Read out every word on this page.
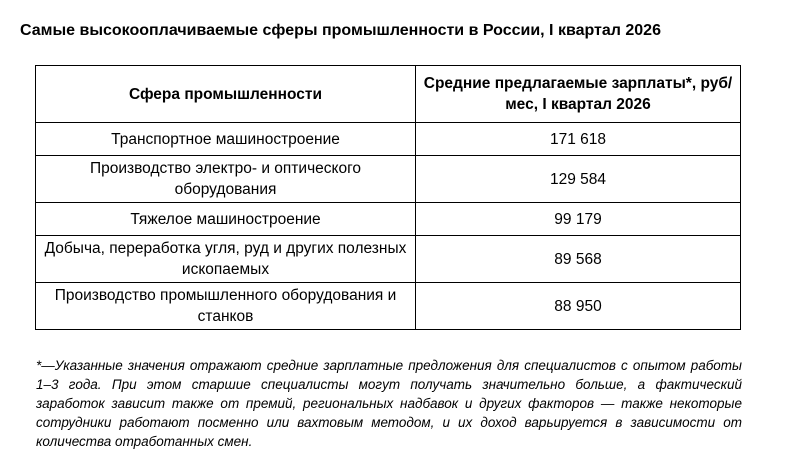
Самые высокооплачиваемые сферы промышленности в России, I квартал 2026
Сфера промышленности	Средние предлагаемые зарплаты*, руб/мес, I квартал 2026
Транспортное машиностроение	171 618
Производство электро- и оптического оборудования	129 584
Тяжелое машиностроение	99 179
Добыча, переработка угля, руд и других полезных ископаемых	89 568
Производство промышленного оборудования и станков	88 950
*—Указанные значения отражают средние зарплатные предложения для специалистов с опытом работы 1–3 года. При этом старшие специалисты могут получать значительно больше, а фактический заработок зависит также от премий, региональных надбавок и других факторов — также некоторые сотрудники работают посменно или вахтовым методом, и их доход варьируется в зависимости от количества отработанных смен.
